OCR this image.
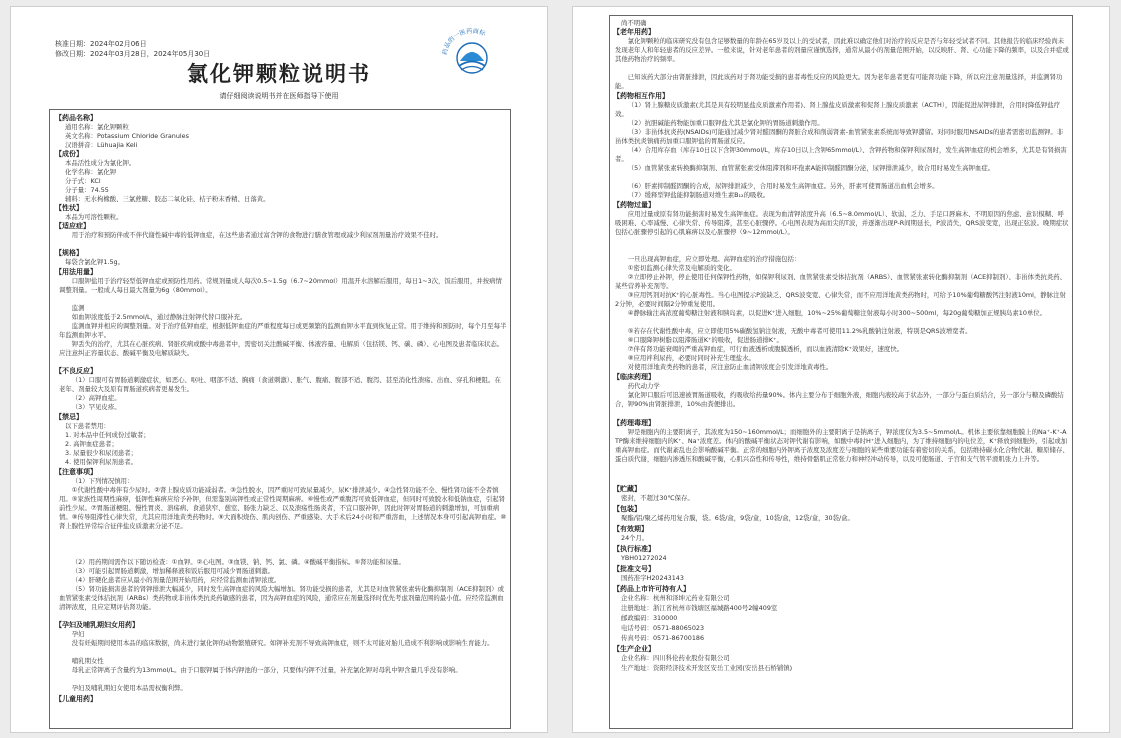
核准日期：2024年02月06日
修改日期：2024年03月28日，2024年05月30日	药品的一医药商标
氯化钾颗粒说明书
请仔细阅读说明书并在医师指导下使用
【药品名称】
通用名称：氯化钾颗粒
英文名称：Potassium Chloride Granules
汉语拼音：Lühuajia Keli
【成份】
本品活性成分为氯化钾。
化学名称：氯化钾
分子式：KCl
分子量：74.55
辅料：无水枸橼酸、三氯蔗糖、胶态二氧化硅、桔子粉末香精、日落黄。
【性状】
本品为可溶性颗粒。
【适应症】
用于治疗和预防伴或不伴代谢性碱中毒的低钾血症，在这些患者通过富含钾的食物进行膳食管理或减少利尿剂剂量治疗效果不佳时。
【规格】
每袋含氯化钾1.5g。
【用法用量】
口服钾盐用于治疗轻型低钾血症或预防性用药。常规剂量成人每次0.5~1.5g（6.7~20mmol）用温开水溶解后服用，每日1~3次，饭后服用，并按病情调整剂量。一般成人每日最大剂量为6g（80mmol）。
监测
如血钾浓度低于2.5mmol/L，通过静脉注射钾代替口服补充。
监测血钾并相应的调整剂量。对于治疗低钾血症，根据低钾血症的严重程度每日或更频繁的监测血钾水平直到恢复正常。用于维持和预防时，每个月至每半年监测血钾水平。
钾丢失的治疗，尤其在心脏疾病、肾脏疾病或酸中毒患者中，需密切关注酸碱平衡、体液容量、电解质（包括镁、钙、碳、磷）、心电图及患者临床状态。应注意纠正容量状态、酸碱平衡及电解质缺失。
【不良反应】
（1）口服可有胃肠道刺激症状，如恶心、呕吐、咽部不适、胸痛（食道刺激）、胀气、腹痛、腹部不适、腹泻、甚至消化性溃疡、出血、穿孔和梗阻。在老年、剂量较大及原有胃肠道疾病者更易发生。
（2）高钾血症。
（3）罕见皮疹。
【禁忌】
以下患者禁用：
1. 对本品中任何成份过敏者；
2. 高钾血症患者；
3. 尿量很少和尿闭患者；
4. 使用保钾利尿剂患者。
【注意事项】
（1）下列情况慎用：
①代谢性酸中毒伴有少尿时。②肾上腺皮质功能减弱者。③急性脱水，因严重时可致尿量减少，尿K⁺排泄减少。④急性肾功能不全、慢性肾功能不全者慎用。⑤家族性周期性麻痹，低钾性麻痹应给予补钾，但需鉴别高钾性或正常性周期麻痹。⑥慢性或严重腹泻可致低钾血症，但同时可致脱水和低钠血症，引起肾前性少尿。⑦胃肠道梗阻、慢性胃炎、溃疡病、食道狭窄、憩室、肠张力缺乏、以及溃疡性肠炎者，不宜口服补钾，因此时钾对胃肠道的刺激增加，可加重病情。⑧传导阻滞性心律失常，尤其应用洋地黄类药物时。⑨大面积烧伤、肌肉创伤、严重感染、大手术后24小时和严重溶血，上述情况本身可引起高钾血症。⑩肾上腺性异常综合征伴盐皮质激素分泌不足。
（2）用药期间需作以下随访检查：①血钾。②心电图。③血镁、钠、钙、氯、磷。④酸碱平衡指标。⑤肾功能和尿量。
（3）可能引起胃肠道刺激，增加稀释液和饭后服用可减少胃肠道刺激。
（4）肝硬化患者应从最小的剂量范围开始用药，应经常监测血清钾浓度。
（5）肾功能损害患者的肾钾排泄大幅减少，同时发生高钾血症的风险大幅增加。肾功能受损的患者，尤其是对血管紧张素转化酶抑制剂（ACE抑制剂）或血管紧张素受体拮抗剂（ARBs）类药物或非甾体类抗炎药敏感的患者，因为高钾血症的风险，通常应在剂量选择时优先考虑剂量范围的最小值。应经常监测血清钾浓度，且应定期评估肾功能。
【孕妇及哺乳期妇女用药】
孕妇
没有妊娠期间使用本品的临床数据，尚未进行氯化钾的动物繁殖研究。如钾补充剂不导致高钾血症，则不太可能对胎儿造成不利影响或影响生育能力。
哺乳期女性
母乳正常钾离子含量约为13mmol/L。由于口服钾属于体内钾池的一部分，只要体内钾不过量，补充氯化钾对母乳中钾含量几乎没有影响。
孕妇及哺乳期妇女使用本品需权衡利弊。
【儿童用药】
尚不明确
【老年用药】
氯化钾颗粒的临床研究没有包含足够数量的年龄在65岁及以上的受试者，因此难以确定他们对治疗的反应是否与年轻受试者不同。其他报告的临床经验尚未发现老年人和年轻患者的反应差异。一般来说，针对老年患者的剂量应谨慎选择，通常从最小的剂量范围开始，以反映肝、肾、心功能下降的频率，以及合并症或其他药物治疗的频率。
已知该药大部分由肾脏排泄，因此该药对于肾功能受损的患者毒性反应的风险更大。因为老年患者更有可能肾功能下降，所以应注意剂量选择，并监测肾功能。
【药物相互作用】
（1）肾上腺糖皮质激素(尤其是具有较明显盐皮质激素作用者)、肾上腺盐皮质激素和促肾上腺皮质激素（ACTH），因能促进尿钾排泄，合用时降低钾盐疗效。
（2）抗胆碱能药物能加重口服钾盐尤其是氯化钾的胃肠道刺激作用。
（3）非甾体抗炎药(NSAIDs)可能通过减少肾对醛固酮的肾脏合成和削弱肾素-血管紧张素系统而导致钾潴留。对同时服用NSAIDs的患者需密切监测钾。非甾体类抗炎镇痛药加重口服钾盐的胃肠道反应。
（4）合用库存血（库存10日以下含钾30mmol/L，库存10日以上含钾65mmol/L）、含钾药物和保钾利尿剂时，发生高钾血症的机会增多，尤其是有肾损害者。
（5）血管紧张素转换酶抑制剂、血管紧张素受体阻滞剂和环孢素A能抑制醛固酮分泌，尿钾排泄减少，故合用时易发生高钾血症。
（6）肝素抑制醛固酮的合成，尿钾排泄减少，合用时易发生高钾血症。另外，肝素可使胃肠道出血机会增多。
（7）缓释型钾盐能抑制肠道对维生素B₁₂的吸收。
【药物过量】
应用过量或原有肾功能损害时易发生高钾血症。表现为血清钾浓度升高（6.5~8.0mmol/L）、软弱、乏力、手足口唇麻木、不明原因的焦虑、意识模糊、呼吸困难、心率减慢、心律失常、传导阻滞，甚至心脏骤停。心电图表现为高而尖的T波，并逐渐出现P-R间期延长，P波消失，QRS波变宽，出现正弦波。晚期症状包括心脏骤停引起的心肌麻痹以及心脏骤停（9~12mmol/L）。
一旦出现高钾血症，应立即处理。高钾血症的治疗措施包括：
①密切监测心律失常及电解质的变化。
②立即停止补钾，停止使用任何保钾性药物，如保钾利尿剂、血管紧张素受体拮抗剂（ARBS）、血管紧张素转化酶抑制剂（ACE抑制剂）、非甾体类抗炎药、某些营养补充剂等。
③应用钙剂对抗K⁺的心脏毒性。当心电图提示P波缺乏、QRS波变宽、心律失常，而不应用洋地黄类药物时，可给予10%葡萄糖酸钙注射液10ml，静脉注射2分钟，必要时间隔2分钟重复使用。
④静脉输注高浓度葡萄糖注射液和胰岛素，以促进K⁺进入细胞，10%~25%葡萄糖注射液每小时300~500ml，每20g葡萄糖加正规胰岛素10单位。
⑤若存在代谢性酸中毒，应立即使用5%碳酸氢钠注射液，无酸中毒者可使用11.2%乳酸钠注射液，特别是QRS波增宽者。
⑥口服降钾树脂以阻滞肠道K⁺的吸收，促进肠道排K⁺。
⑦伴有肾功能衰竭的严重高钾血症，可行血液透析或腹膜透析，而以血液清除K⁺效果好，速度快。
⑧应用袢利尿药，必要时同时补充生理盐水。
对使用洋地黄类药物的患者，应注意防止血清钾浓度会引发洋地黄毒性。
【临床药理】
药代动力学
氯化钾口服后可迅速被胃肠道吸收，约吸收给药量90%。体内主要分布于细胞外液，细胞内液较高于状态外，一部分与蛋白质结合，另一部分与糖及磷酸结合，钾90%由肾脏排泄，10%由粪便排出。
【药理毒理】
钾是细胞内的主要阳离子，其浓度为150~160mmol/L；而细胞外的主要阳离子是钠离子，钾浓度仅为3.5~5mmol/L。机体主要依靠细胞膜上的Na⁺-K⁺-ATP酶来维持细胞内的K⁺、Na⁺浓度差。体内的酸碱平衡状态对钾代谢有影响，如酸中毒时H⁺进入细胞内，为了维持细胞内的电位差，K⁺释放到细胞外，引起或加重高钾血症。而代谢紊乱也会影响酸碱平衡。正常的细胞内外钾离子浓度及浓度差与细胞的某些重要功能有着密切的关系，包括维持碳水化合物代谢、糖原储存、蛋白质代谢，细胞内渗透压和酸碱平衡，心肌兴奋性和传导性，维持骨骼肌正常张力和神经冲动传导，以及可使肠道、子宫和支气管平滑肌张力上升等。
【贮藏】
密封，不超过30℃保存。
【包装】
聚酯/铝/聚乙烯药用复合膜，袋。6袋/盒，9袋/盒，10袋/盒，12袋/盒，30袋/盒。
【有效期】
24个月。
【执行标准】
YBH01272024
【批准文号】
国药准字H20243143
【药品上市许可持有人】
企业名称：杭州和泽坤元药业有限公司
注册地址：浙江省杭州市钱塘区福城路400号2幢409室
邮政编码：310000
电话号码：0571-88065023
传真号码：0571-86700186
【生产企业】
企业名称：四川科伦药业股份有限公司
生产地址：资阳经济技术开发区安岳工业园(安岳县石桥铺镇)
